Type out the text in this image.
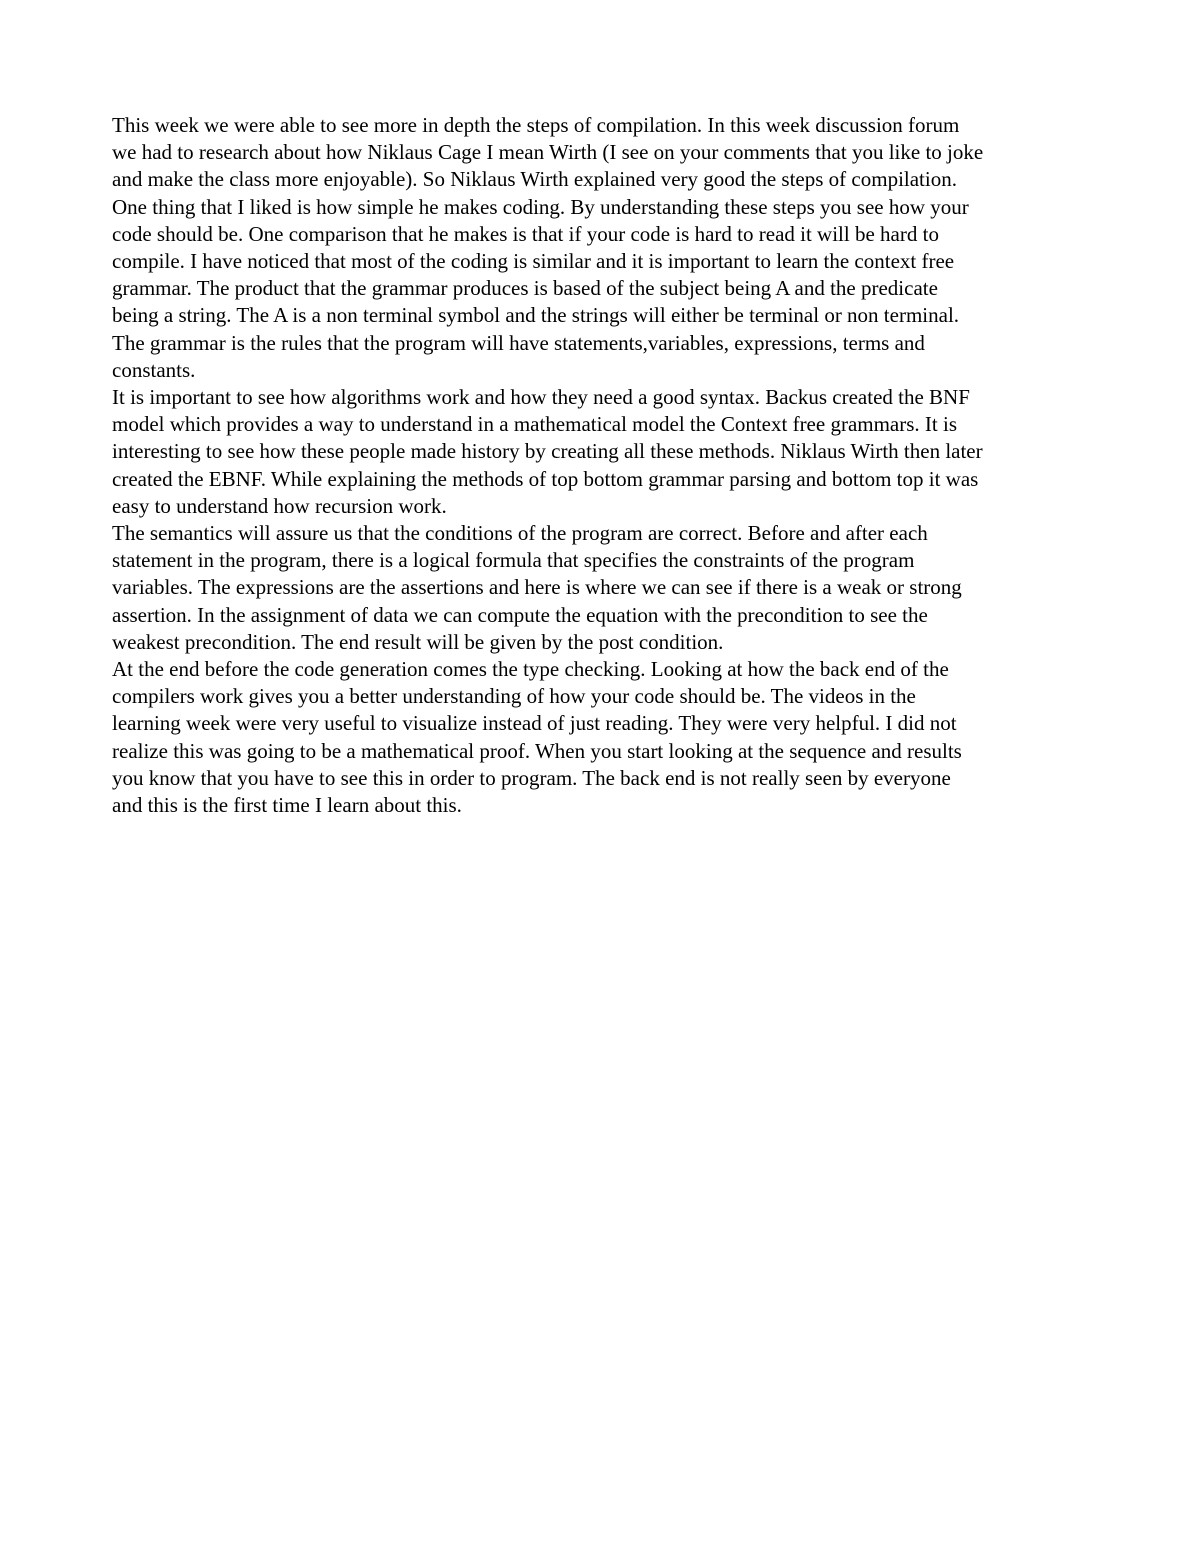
This week we were able to see more in depth the steps of compilation. In this week discussion forum
we had to research about how Niklaus Cage I mean Wirth (I see on your comments that you like to joke
and make the class more enjoyable). So Niklaus Wirth explained very good the steps of compilation.
One thing that I liked is how simple he makes coding. By understanding these steps you see how your
code should be. One comparison that he makes is that if your code is hard to read it will be hard to
compile. I have noticed that most of the coding is similar and it is important to learn the context free
grammar. The product that the grammar produces is based of the subject being A and the predicate
being a string. The A is a non terminal symbol and the strings will either be terminal or non terminal.
The grammar is the rules that the program will have statements,variables, expressions, terms and
constants.
It is important to see how algorithms work and how they need a good syntax. Backus created the BNF
model which provides a way to understand in a mathematical model the Context free grammars. It is
interesting to see how these people made history by creating all these methods. Niklaus Wirth then later
created the EBNF. While explaining the methods of top bottom grammar parsing and bottom top it was
easy to understand how recursion work.
The semantics will assure us that the conditions of the program are correct. Before and after each
statement in the program, there is a logical formula that specifies the constraints of the program
variables. The expressions are the assertions and here is where we can see if there is a weak or strong
assertion. In the assignment of data we can compute the equation with the precondition to see the
weakest precondition. The end result will be given by the post condition.
At the end before the code generation comes the type checking. Looking at how the back end of the
compilers work gives you a better understanding of how your code should be. The videos in the
learning week were very useful to visualize instead of just reading. They were very helpful. I did not
realize this was going to be a mathematical proof. When you start looking at the sequence and results
you know that you have to see this in order to program. The back end is not really seen by everyone
and this is the first time I learn about this.
